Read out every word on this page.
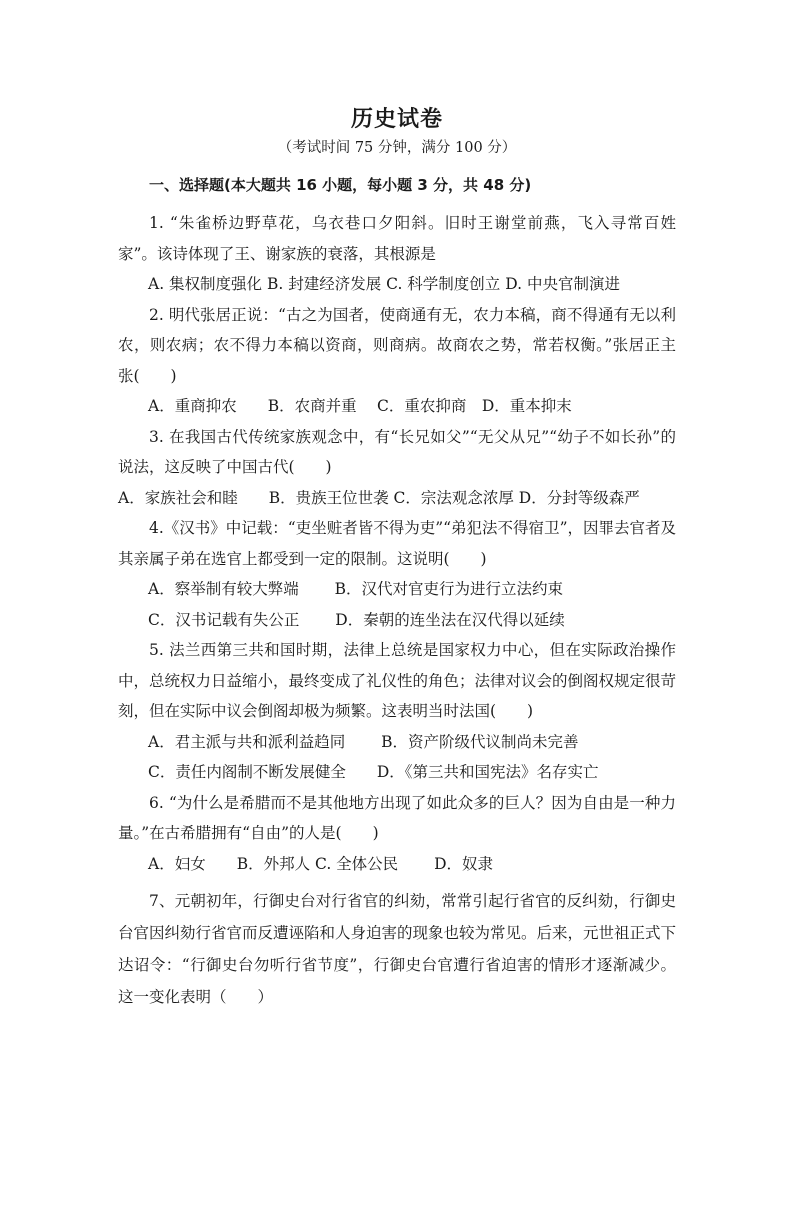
历史试卷
（考试时间 75 分钟，满分 100 分）
一、选择题(本大题共 16 小题，每小题 3 分，共 48 分)

1. “朱雀桥边野草花，乌衣巷口夕阳斜。旧时王谢堂前燕，飞入寻常百姓家”。该诗体现了王、谢家族的衰落，其根源是

A. 集权制度强化 B. 封建经济发展 C. 科学制度创立 D. 中央官制演进

2. 明代张居正说：“古之为国者，使商通有无，农力本稿，商不得通有无以利农，则农病；农不得力本稿以资商，则商病。故商农之势，常若权衡。”张居正主张(　　)

A．重商抑农　　B．农商并重　 C．重农抑商　D．重本抑末

3. 在我国古代传统家族观念中，有“长兄如父”“无父从兄”“幼子不如长孙”的说法，这反映了中国古代(　　)

A．家族社会和睦　　B．贵族王位世袭 C．宗法观念浓厚 D．分封等级森严

4.《汉书》中记载：“吏坐赃者皆不得为吏”“弟犯法不得宿卫”，因罪去官者及其亲属子弟在选官上都受到一定的限制。这说明(　　)

A．察举制有较大弊端　　 B．汉代对官吏行为进行立法约束
C．汉书记载有失公正　　 D．秦朝的连坐法在汉代得以延续

5. 法兰西第三共和国时期，法律上总统是国家权力中心，但在实际政治操作中，总统权力日益缩小，最终变成了礼仪性的角色；法律对议会的倒阁权规定很苛刻，但在实际中议会倒阁却极为频繁。这表明当时法国(　　)

A．君主派与共和派利益趋同　　 B．资产阶级代议制尚未完善
C．责任内阁制不断发展健全　　D．《第三共和国宪法》名存实亡

6. “为什么是希腊而不是其他地方出现了如此众多的巨人？因为自由是一种力量。”在古希腊拥有“自由”的人是(　　)

A．妇女　　B．外邦人 C. 全体公民　　 D．奴隶

7、元朝初年，行御史台对行省官的纠劾，常常引起行省官的反纠劾，行御史台官因纠劾行省官而反遭诬陷和人身迫害的现象也较为常见。后来，元世祖正式下达诏令：“行御史台勿听行省节度”，行御史台官遭行省迫害的情形才逐渐减少。这一变化表明（　　）
